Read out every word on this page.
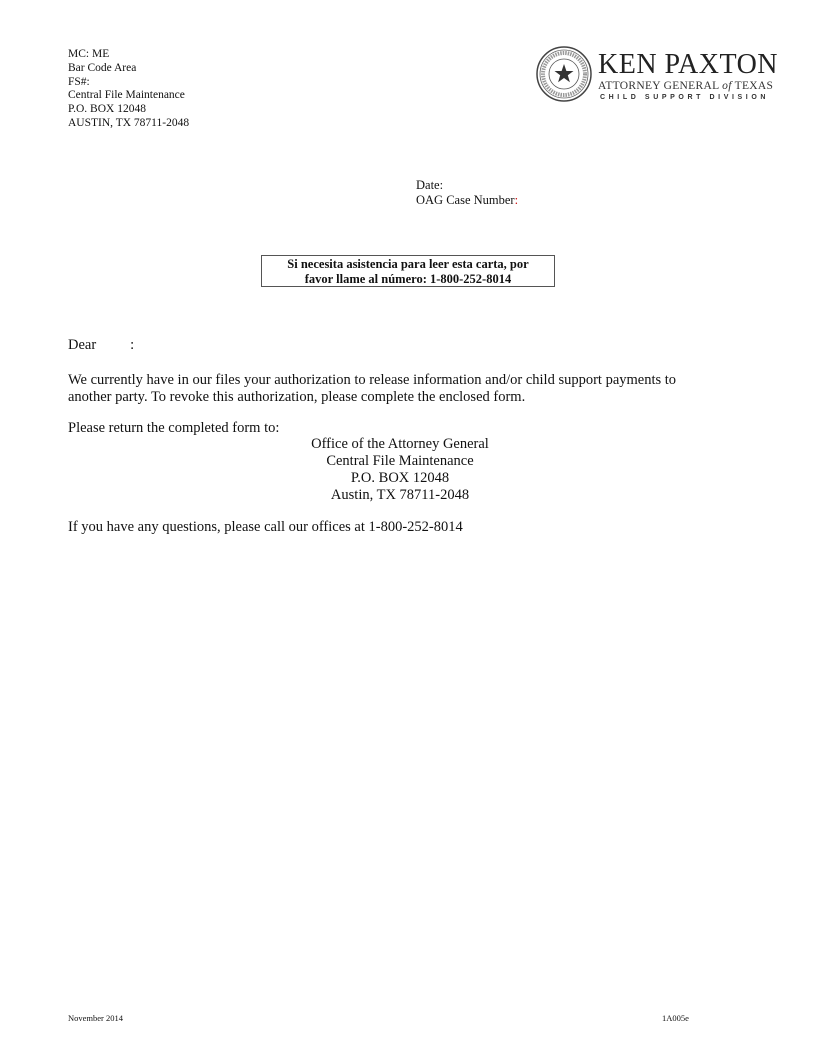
MC: ME
Bar Code Area
FS#:
Central File Maintenance
P.O. BOX 12048
AUSTIN, TX 78711-2048
KEN PAXTON
ATTORNEY GENERAL of TEXAS
CHILD SUPPORT DIVISION
Date:
OAG Case Number:
Si necesita asistencia para leer esta carta, por
favor llame al número: 1-800-252-8014
Dear :
We currently have in our files your authorization to release information and/or child support payments to
another party. To revoke this authorization, please complete the enclosed form.
Please return the completed form to:
Office of the Attorney General
Central File Maintenance
P.O. BOX 12048
Austin, TX 78711-2048
If you have any questions, please call our offices at 1-800-252-8014
November 2014	1A005e
